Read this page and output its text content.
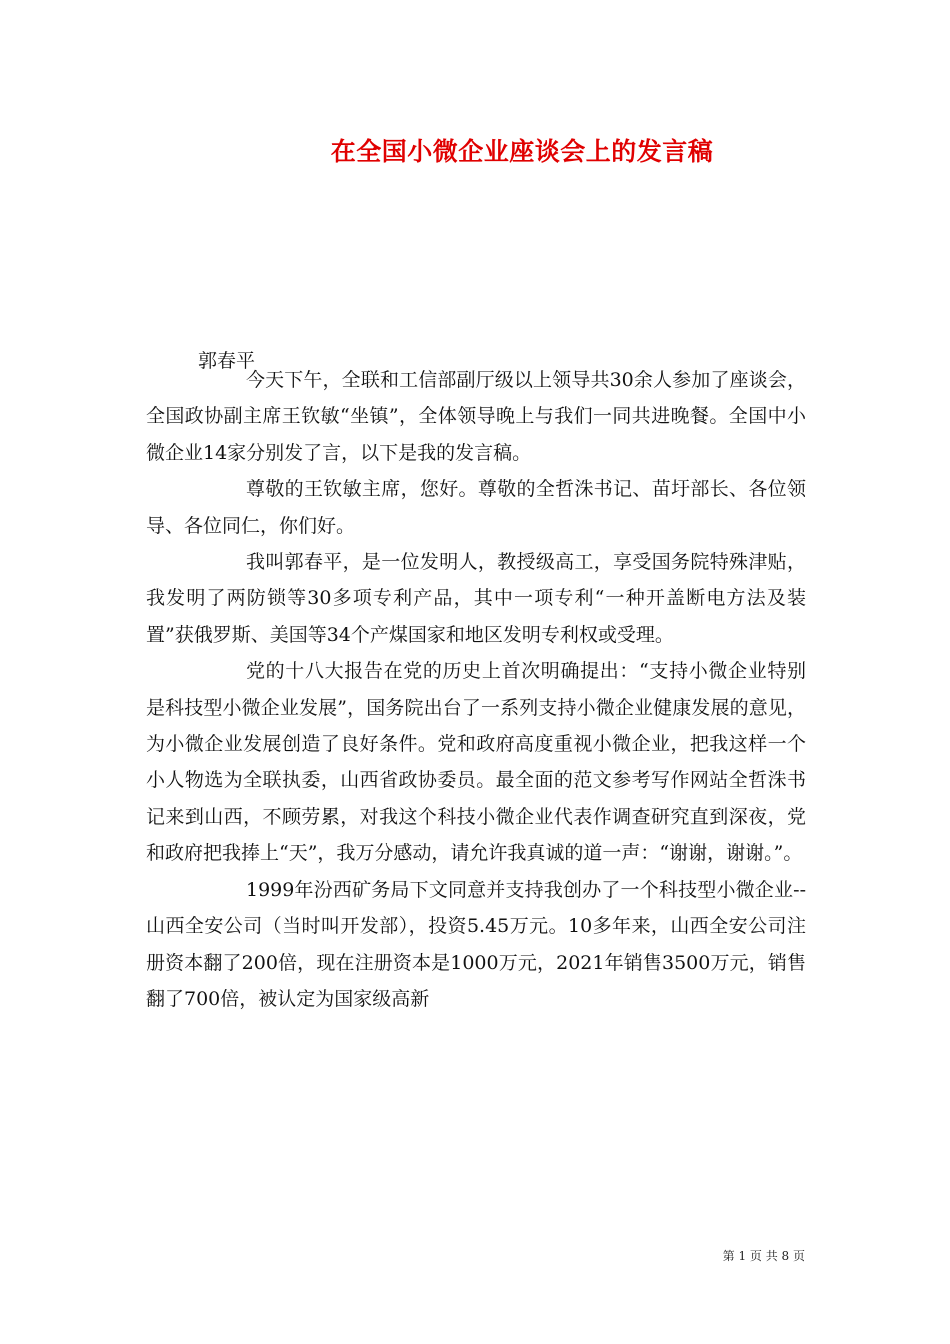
在全国小微企业座谈会上的发言稿
郭春平

今天下午，全联和工信部副厅级以上领导共30余人参加了座谈会，全国政协副主席王钦敏“坐镇”，全体领导晚上与我们一同共进晚餐。全国中小微企业14家分别发了言，以下是我的发言稿。

尊敬的王钦敏主席，您好。尊敬的全哲洙书记、苗圩部长、各位领导、各位同仁，你们好。

我叫郭春平，是一位发明人，教授级高工，享受国务院特殊津贴，我发明了两防锁等30多项专利产品，其中一项专利“一种开盖断电方法及装置”获俄罗斯、美国等34个产煤国家和地区发明专利权或受理。

党的十八大报告在党的历史上首次明确提出：“支持小微企业特别是科技型小微企业发展”，国务院出台了一系列支持小微企业健康发展的意见，为小微企业发展创造了良好条件。党和政府高度重视小微企业，把我这样一个小人物选为全联执委，山西省政协委员。最全面的范文参考写作网站全哲洙书记来到山西，不顾劳累，对我这个科技小微企业代表作调查研究直到深夜，党和政府把我捧上“天”，我万分感动，请允许我真诚的道一声：“谢谢，谢谢。”。

1999年汾西矿务局下文同意并支持我创办了一个科技型小微企业--山西全安公司（当时叫开发部），投资5.45万元。10多年来，山西全安公司注册资本翻了200倍，现在注册资本是1000万元，2021年销售3500万元，销售翻了700倍，被认定为国家级高新

第 1 页 共 8 页
